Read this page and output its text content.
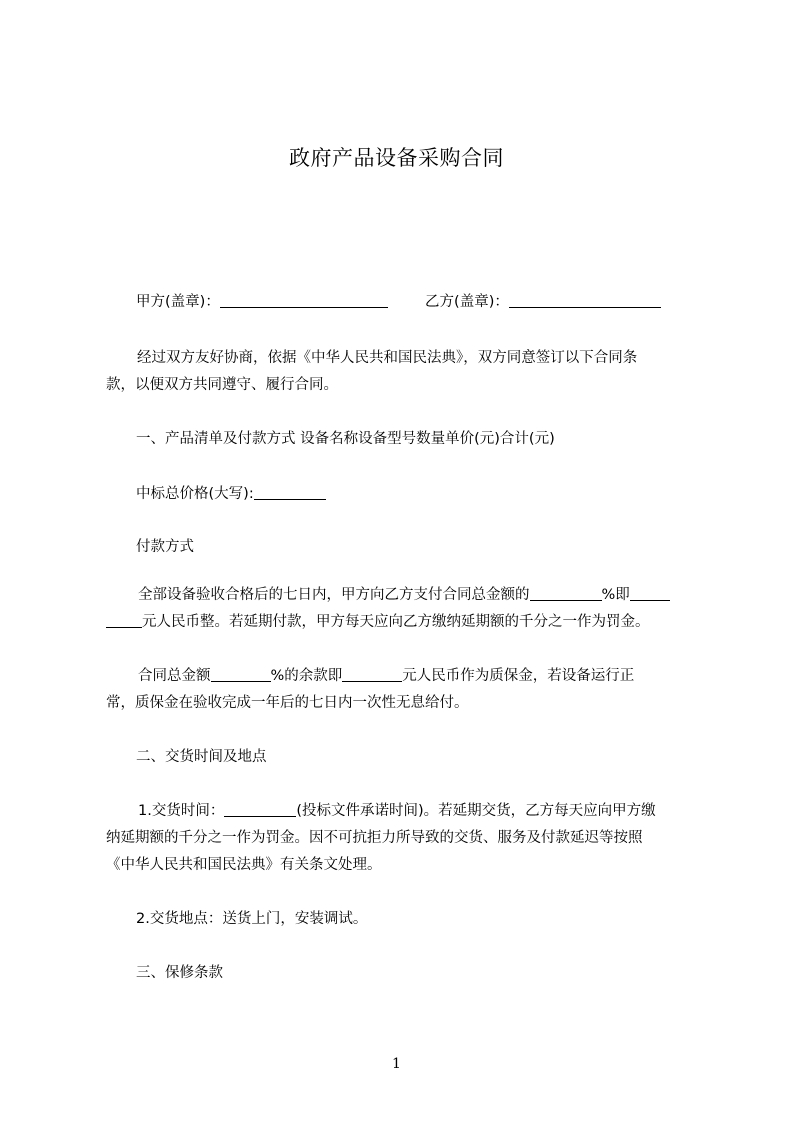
政府产品设备采购合同
甲方(盖章)：	乙方(盖章)：
经过双方友好协商，依据《中华人民共和国民法典》，双方同意签订以下合同条
款，以便双方共同遵守、履行合同。
一、产品清单及付款方式 设备名称设备型号数量单价(元)合计(元)
中标总价格(大写):
付款方式
全部设备验收合格后的七日内，甲方向乙方支付合同总金额的	%即
元人民币整。若延期付款，甲方每天应向乙方缴纳延期额的千分之一作为罚金。
合同总金额	%的余款即	元人民币作为质保金，若设备运行正
常，质保金在验收完成一年后的七日内一次性无息给付。
二、交货时间及地点
1.交货时间：	(投标文件承诺时间)。若延期交货，乙方每天应向甲方缴
纳延期额的千分之一作为罚金。因不可抗拒力所导致的交货、服务及付款延迟等按照
《中华人民共和国民法典》有关条文处理。
2.交货地点：送货上门，安装调试。
三、保修条款
1
